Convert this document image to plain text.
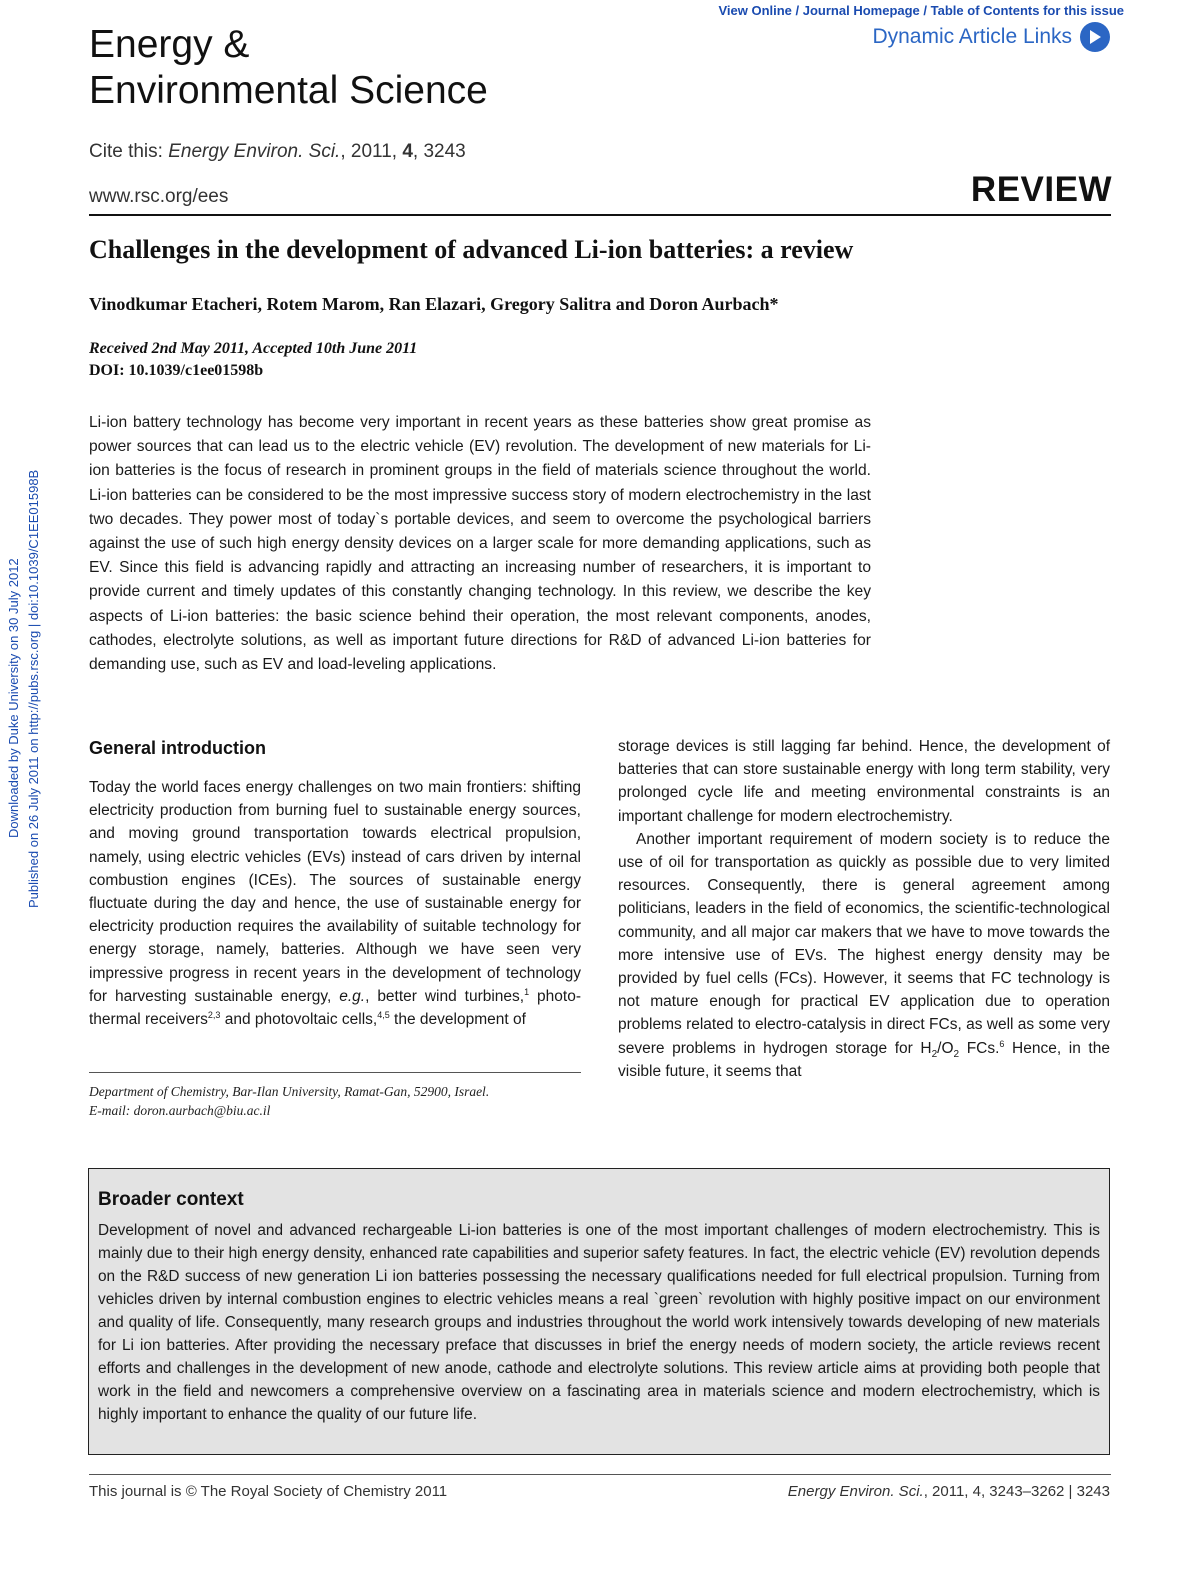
View Online / Journal Homepage / Table of Contents for this issue
Dynamic Article Links
Energy &
Environmental Science
Cite this: Energy Environ. Sci., 2011, 4, 3243
www.rsc.org/ees	REVIEW
Challenges in the development of advanced Li-ion batteries: a review
Vinodkumar Etacheri, Rotem Marom, Ran Elazari, Gregory Salitra and Doron Aurbach*
Received 2nd May 2011, Accepted 10th June 2011
DOI: 10.1039/c1ee01598b
Li-ion battery technology has become very important in recent years as these batteries show great promise as power sources that can lead us to the electric vehicle (EV) revolution. The development of new materials for Li-ion batteries is the focus of research in prominent groups in the field of materials science throughout the world. Li-ion batteries can be considered to be the most impressive success story of modern electrochemistry in the last two decades. They power most of today`s portable devices, and seem to overcome the psychological barriers against the use of such high energy density devices on a larger scale for more demanding applications, such as EV. Since this field is advancing rapidly and attracting an increasing number of researchers, it is important to provide current and timely updates of this constantly changing technology. In this review, we describe the key aspects of Li-ion batteries: the basic science behind their operation, the most relevant components, anodes, cathodes, electrolyte solutions, as well as important future directions for R&D of advanced Li-ion batteries for demanding use, such as EV and load-leveling applications.
Downloaded by Duke University on 30 July 2012 Published on 26 July 2011 on http://pubs.rsc.org | doi:10.1039/C1EE01598B	General introduction

Today the world faces energy challenges on two main frontiers: shifting electricity production from burning fuel to sustainable energy sources, and moving ground transportation towards electrical propulsion, namely, using electric vehicles (EVs) instead of cars driven by internal combustion engines (ICEs). The sources of sustainable energy fluctuate during the day and hence, the use of sustainable energy for electricity production requires the availability of suitable technology for energy storage, namely, batteries. Although we have seen very impressive progress in recent years in the development of technology for harvesting sustainable energy, e.g., better wind turbines,$^1$ photo-thermal receivers$^{2,3}$ and photovoltaic cells,$^{4,5}$ the development of

storage devices is still lagging far behind. Hence, the development of batteries that can store sustainable energy with long term stability, very prolonged cycle life and meeting environmental constraints is an important challenge for modern electrochemistry.

Another important requirement of modern society is to reduce the use of oil for transportation as quickly as possible due to very limited resources. Consequently, there is general agreement among politicians, leaders in the field of economics, the scientific-technological community, and all major car makers that we have to move towards the more intensive use of EVs. The highest energy density may be provided by fuel cells (FCs). However, it seems that FC technology is not mature enough for practical EV application due to operation problems related to electro-catalysis in direct FCs, as well as some very severe problems in hydrogen storage for $H_2/O_2$ FCs.$^6$ Hence, in the visible future, it seems that

Department of Chemistry, Bar-Ilan University, Ramat-Gan, 52900, Israel.
E-mail: doron.aurbach@biu.ac.il
Broader context

Development of novel and advanced rechargeable Li-ion batteries is one of the most important challenges of modern electrochemistry. This is mainly due to their high energy density, enhanced rate capabilities and superior safety features. In fact, the electric vehicle (EV) revolution depends on the R&D success of new generation Li ion batteries possessing the necessary qualifications needed for full electrical propulsion. Turning from vehicles driven by internal combustion engines to electric vehicles means a real `green` revolution with highly positive impact on our environment and quality of life. Consequently, many research groups and industries throughout the world work intensively towards developing of new materials for Li ion batteries. After providing the necessary preface that discusses in brief the energy needs of modern society, the article reviews recent efforts and challenges in the development of new anode, cathode and electrolyte solutions. This review article aims at providing both people that work in the field and newcomers a comprehensive overview on a fascinating area in materials science and modern electrochemistry, which is highly important to enhance the quality of our future life.

This journal is © The Royal Society of Chemistry 2011	Energy Environ. Sci., 2011, 4, 3243–3262 | 3243
